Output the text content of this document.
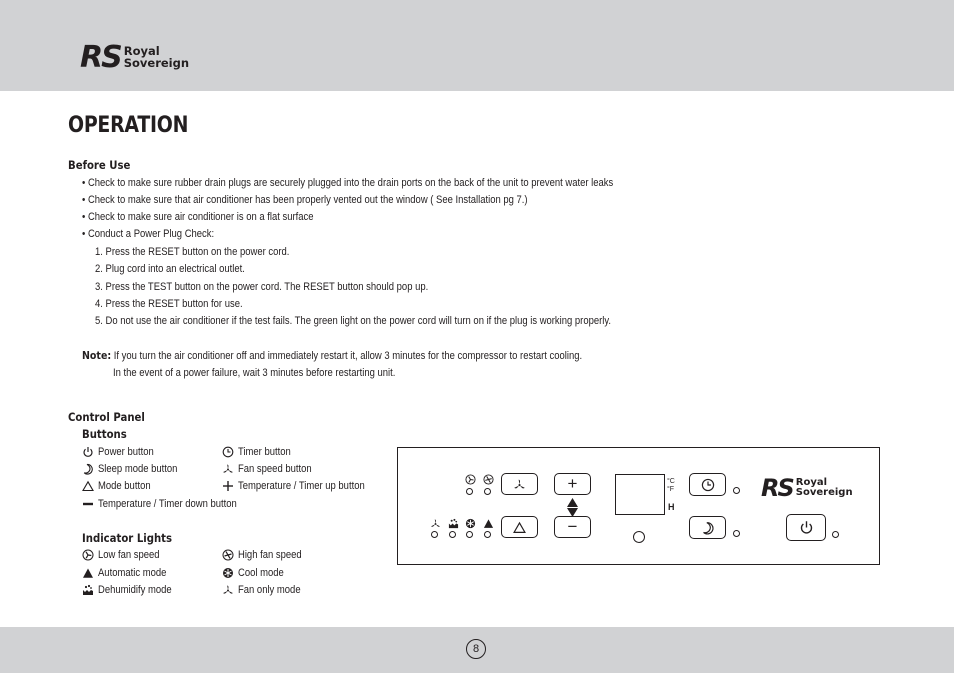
RS Royal
Sovereign
OPERATION
Before Use
• Check to make sure rubber drain plugs are securely plugged into the drain ports on the back of the unit to prevent water leaks
• Check to make sure that air conditioner has been properly vented out the window ( See Installation pg 7.)
• Check to make sure air conditioner is on a flat surface
• Conduct a Power Plug Check:
1. Press the RESET button on the power cord.
2. Plug cord into an electrical outlet.
3. Press the TEST button on the power cord. The RESET button should pop up.
4. Press the RESET button for use.
5. Do not use the air conditioner if the test fails. The green light on the power cord will turn on if the plug is working properly.
Note: If you turn the air conditioner off and immediately restart it, allow 3 minutes for the compressor to restart cooling.
In the event of a power failure, wait 3 minutes before restarting unit.
Control Panel
Buttons
Power button	Timer button
Sleep mode button	Fan speed button
Mode button	Temperature / Timer up button
Temperature / Timer down button
Indicator Lights
Low fan speed	High fan speed
Automatic mode	Cool mode
Dehumidify mode	Fan only mode
+
−
°C
°F
H
RS Royal
Sovereign
8
